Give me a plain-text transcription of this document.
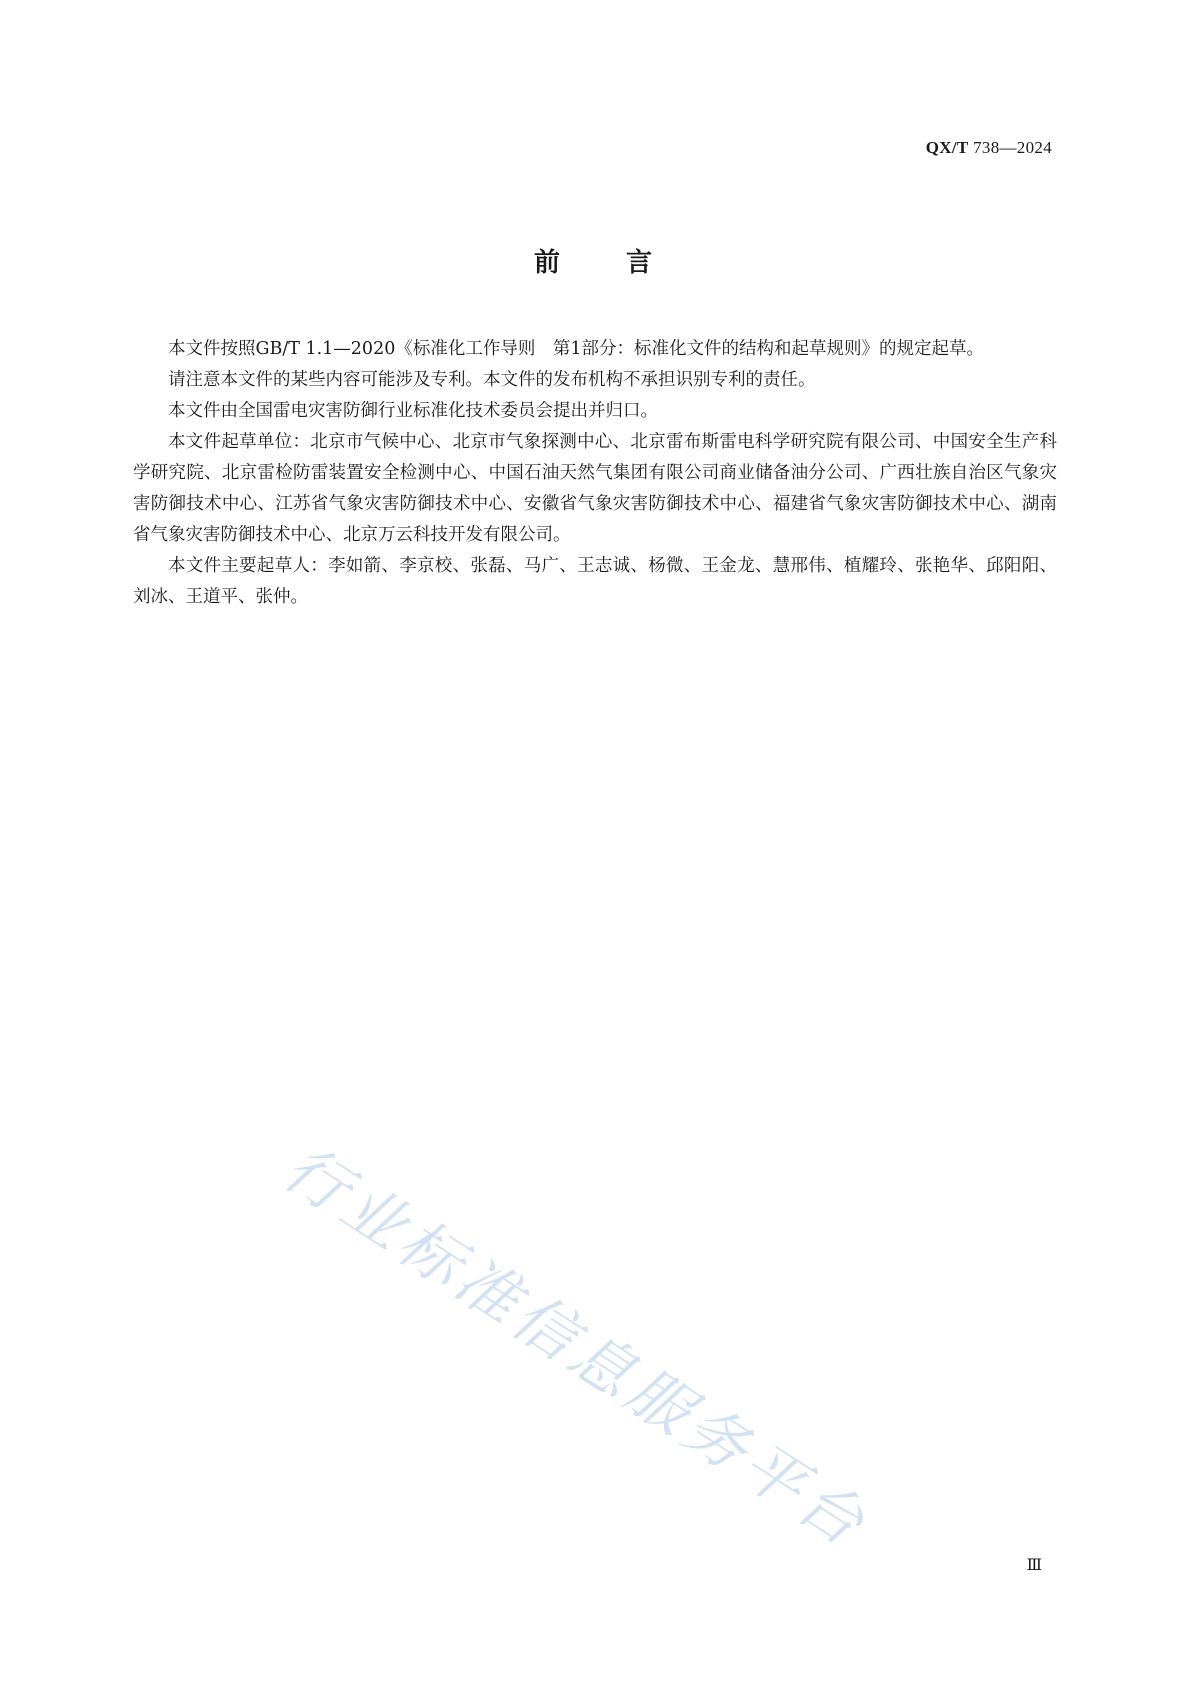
QX/T 738—2024
前 言

本文件按照GB/T 1.1—2020《标准化工作导则　第1部分：标准化文件的结构和起草规则》的规定起草。

请注意本文件的某些内容可能涉及专利。本文件的发布机构不承担识别专利的责任。

本文件由全国雷电灾害防御行业标准化技术委员会提出并归口。

本文件起草单位：北京市气候中心、北京市气象探测中心、北京雷布斯雷电科学研究院有限公司、中国安全生产科学研究院、北京雷检防雷装置安全检测中心、中国石油天然气集团有限公司商业储备油分公司、广西壮族自治区气象灾害防御技术中心、江苏省气象灾害防御技术中心、安徽省气象灾害防御技术中心、福建省气象灾害防御技术中心、湖南省气象灾害防御技术中心、北京万云科技开发有限公司。

本文件主要起草人：李如箭、李京校、张磊、马广、王志诚、杨微、王金龙、慧邢伟、植耀玲、张艳华、邱阳阳、刘冰、王道平、张仲。

行业标准信息服务平台
Ⅲ
